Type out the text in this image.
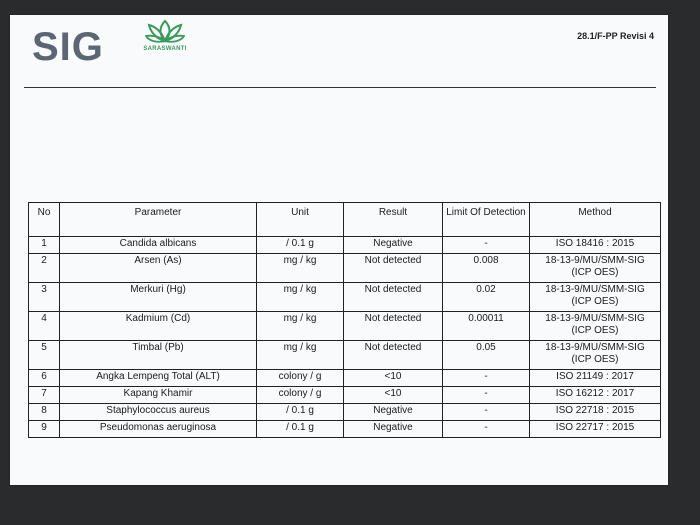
SIG	SARASWANTI
28.1/F-PP Revisi 4
No	Parameter	Unit	Result	Limit Of Detection	Method
1	Candida albicans	/ 0.1 g	Negative	-	ISO 18416 : 2015
2	Arsen (As)	mg / kg	Not detected	0.008	18-13-9/MU/SMM-SIG
(ICP OES)
3	Merkuri (Hg)	mg / kg	Not detected	0.02	18-13-9/MU/SMM-SIG
(ICP OES)
4	Kadmium (Cd)	mg / kg	Not detected	0.00011	18-13-9/MU/SMM-SIG
(ICP OES)
5	Timbal (Pb)	mg / kg	Not detected	0.05	18-13-9/MU/SMM-SIG
(ICP OES)
6	Angka Lempeng Total (ALT)	colony / g	<10	-	ISO 21149 : 2017
7	Kapang Khamir	colony / g	<10	-	ISO 16212 : 2017
8	Staphylococcus aureus	/ 0.1 g	Negative	-	ISO 22718 : 2015
9	Pseudomonas aeruginosa	/ 0.1 g	Negative	-	ISO 22717 : 2015
